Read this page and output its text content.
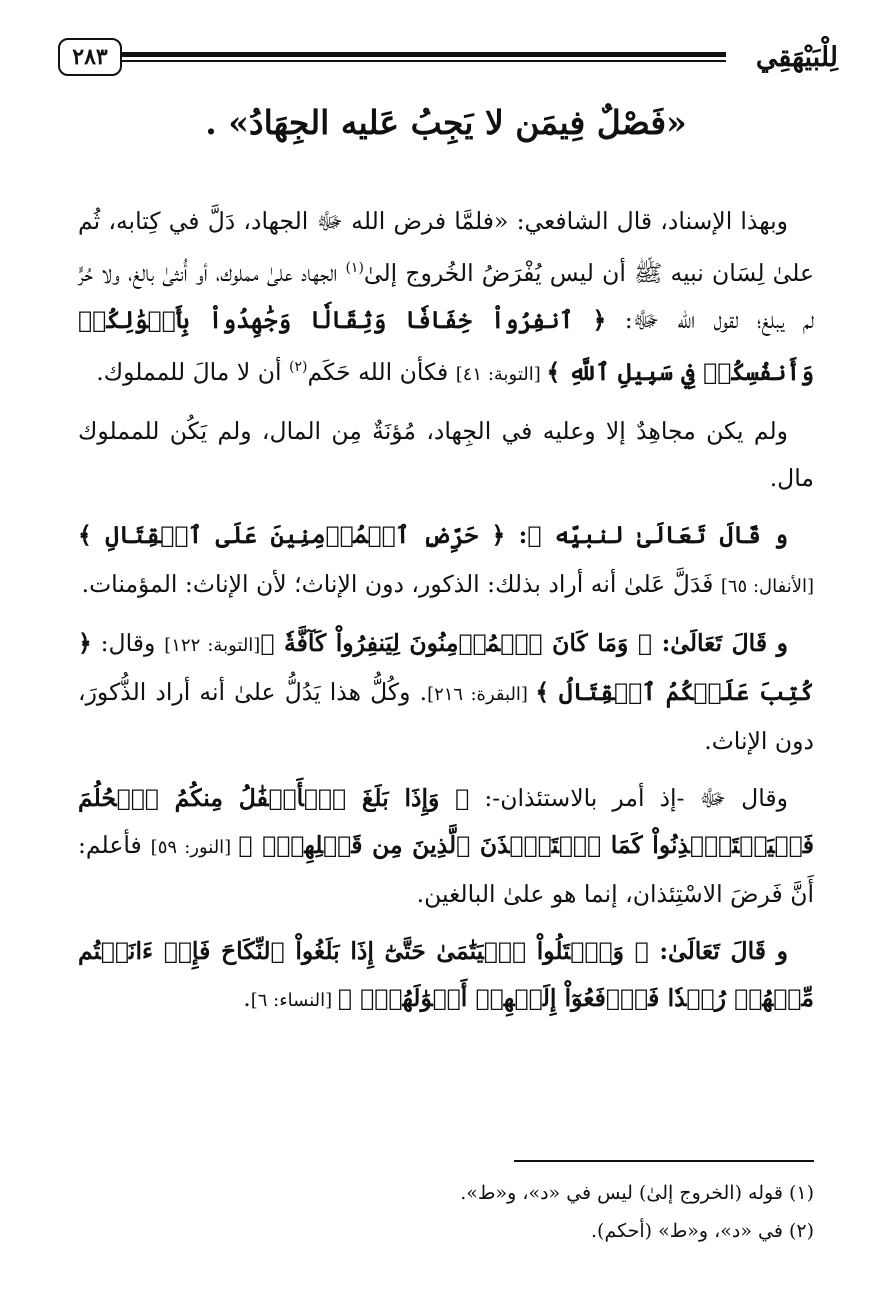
لِلْبَيْهَقِي
٢٨٣
«فَصْلٌ فِيمَن لا يَجِبُ عَليه الجِهَادُ» .

وبهذا الإسناد، قال الشافعي: «فلمَّا فرض الله ﷻ الجهاد، دَلَّ في كِتابه، ثُم علىٰ لِسَان نبيه ﷺ أن ليس يُفْرَضُ الخُروج إلىٰ$^{(١)}$ الجهاد علىٰ مملوك، أو أُنثىٰ بالغ، ولا حُرٍّ لم يبلغ؛ لقول الله ﷻ: ﴿ ٱنفِرُواْ خِفَافٗا وَثِقَالٗا وَجَٰهِدُواْ بِأَمۡوَٰلِكُمۡ وَأَنفُسِكُمۡ فِي سَبِيلِ ٱللَّهِ ﴾ [التوبة: ٤١] فكأن الله حَكَم$^{(٢)}$ أن لا مالَ للمملوك.

ولم يكن مجاهِدٌ إلا وعليه في الجِهاد، مُؤنَةٌ مِن المال، ولم يَكُن للمملوك مال.

و قَالَ تَعَالَىٰ لنبيِّه ﷺ: ﴿ حَرِّضِ ٱلۡمُؤۡمِنِينَ عَلَى ٱلۡقِتَالِ ﴾ [الأنفال: ٦٥] فَدَلَّ عَلىٰ أنه أراد بذلك: الذكور، دون الإناث؛ لأن الإناث: المؤمنات.

و قَالَ تَعَالَىٰ: ﴿ وَمَا كَانَ ٱلۡمُؤۡمِنُونَ لِيَنفِرُواْ كَآفَّةٗ ﴾[التوبة: ١٢٢] وقال: ﴿ كُتِبَ عَلَيۡكُمُ ٱلۡقِتَالُ ﴾ [البقرة: ٢١٦]. وكُلُّ هذا يَدُلُّ علىٰ أنه أراد الذُّكورَ، دون الإناث.

وقال ﷻ -إذ أمر بالاستئذان-: ﴿ وَإِذَا بَلَغَ ٱلۡأَطۡفَٰلُ مِنكُمُ ٱلۡحُلُمَ فَلۡيَسۡتَـٔۡذِنُواْ كَمَا ٱسۡتَـٔۡذَنَ ٱلَّذِينَ مِن قَبۡلِهِمۡۚ ﴾ [النور: ٥٩] فأعلم: أَنَّ فَرضَ الاسْتِئذان، إنما هو علىٰ البالغين.

و قَالَ تَعَالَىٰ: ﴿ وَٱبۡتَلُواْ ٱلۡيَتَٰمَىٰ حَتَّىٰٓ إِذَا بَلَغُواْ ٱلنِّكَاحَ فَإِنۡ ءَانَسۡتُم مِّنۡهُمۡ رُشۡدٗا فَٱدۡفَعُوٓاْ إِلَيۡهِمۡ أَمۡوَٰلَهُمۡۖ ﴾ [النساء: ٦].

(١) قوله (الخروج إلىٰ) ليس في «د»، و«ط».

(٢) في «د»، و«ط» (أحكم).
